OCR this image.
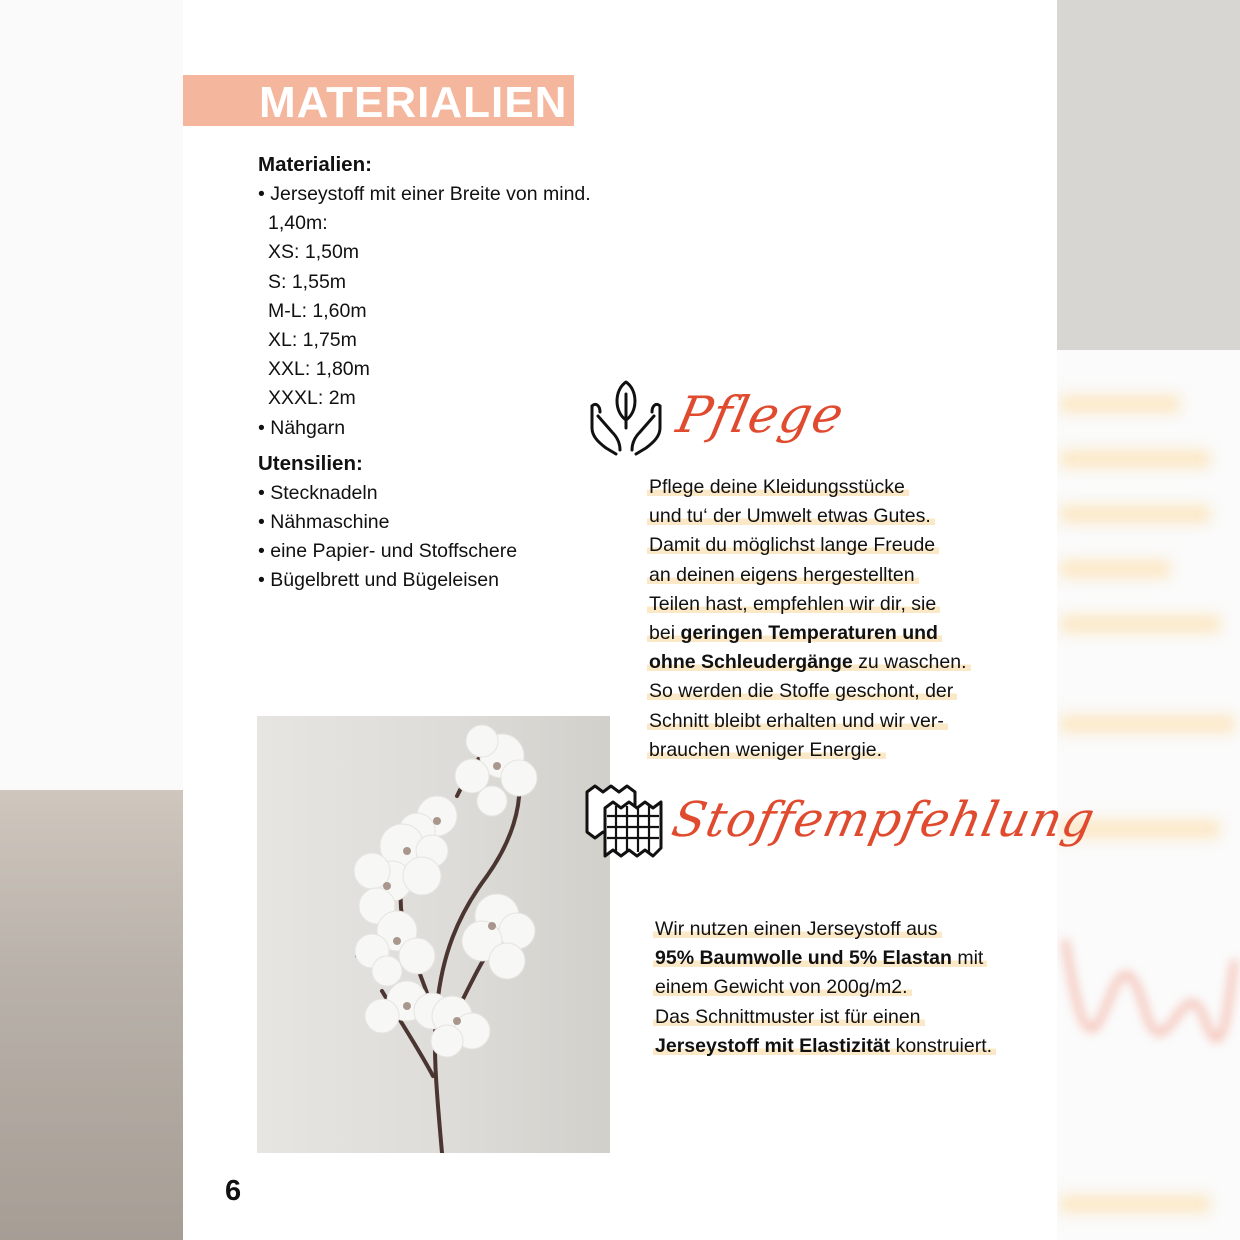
MATERIALIEN

Materialien:

• Jerseystoff mit einer Breite von mind.

1,40m:

XS: 1,50m

S: 1,55m

M-L: 1,60m

XL: 1,75m

XXL: 1,80m

XXXL: 2m

• Nähgarn

Utensilien:

• Stecknadeln

• Nähmaschine

• eine Papier- und Stoffschere

• Bügelbrett und Bügeleisen

6
Pflege
Pflege deine Kleidungsstücke
und tu‘ der Umwelt etwas Gutes.
Damit du möglichst lange Freude
an deinen eigens hergestellten
Teilen hast, empfehlen wir dir, sie
bei geringen Temperaturen und
ohne Schleudergänge zu waschen.
So werden die Stoffe geschont, der
Schnitt bleibt erhalten und wir ver-
brauchen weniger Energie.
Stoffempfehlung
Wir nutzen einen Jerseystoff aus
95% Baumwolle und 5% Elastan mit
einem Gewicht von 200g/m2.
Das Schnittmuster ist für einen
Jerseystoff mit Elastizität konstruiert.
